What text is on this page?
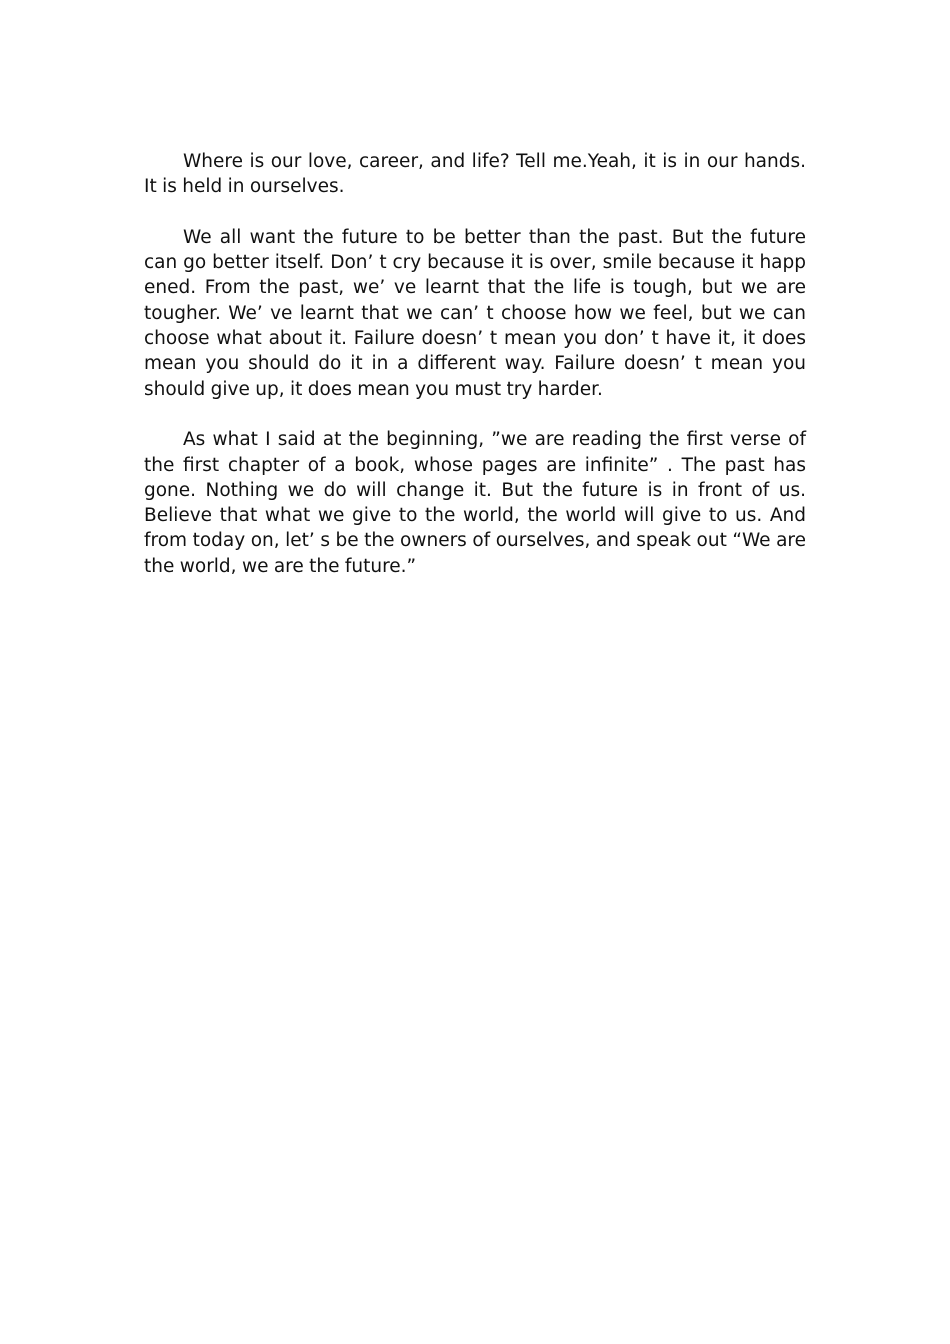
Where is our love, career, and life? Tell me.Yeah, it is in our hands. It is held in ourselves.

We all want the future to be better than the past. But the future can go better itself. Don’ t cry because it is over, smile because it happ ened. From the past, we’ ve learnt that the life is tough, but we are tougher. We’ ve learnt that we can’ t choose how we feel, but we can choose what about it. Failure doesn’ t mean you don’ t have it, it does mean you should do it in a different way. Failure doesn’ t mean you should give up, it does mean you must try harder.

As what I said at the beginning, ”we are reading the first verse of the first chapter of a book, whose pages are infinite” . The past has gone. Nothing we do will change it. But the future is in front of us. Believe that what we give to the world, the world will give to us. And from today on, let’ s be the owners of ourselves, and speak out “We are the world, we are the future.”
